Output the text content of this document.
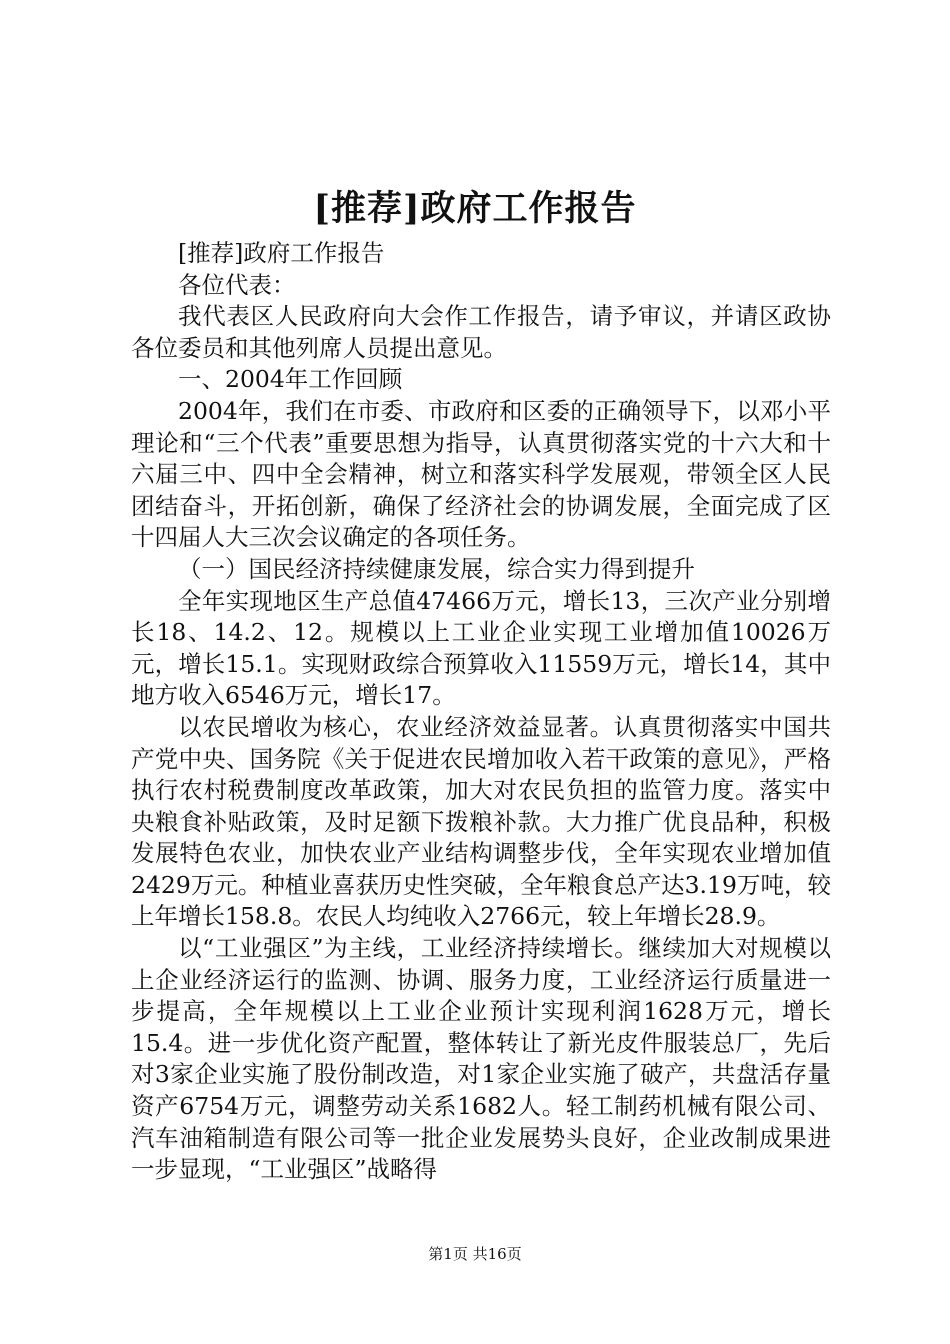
[推荐]政府工作报告

[推荐]政府工作报告

各位代表：

我代表区人民政府向大会作工作报告，请予审议，并请区政协各位委员和其他列席人员提出意见。

一、2004年工作回顾

2004年，我们在市委、市政府和区委的正确领导下，以邓小平理论和“三个代表”重要思想为指导，认真贯彻落实党的十六大和十六届三中、四中全会精神，树立和落实科学发展观，带领全区人民团结奋斗，开拓创新，确保了经济社会的协调发展，全面完成了区十四届人大三次会议确定的各项任务。

（一）国民经济持续健康发展，综合实力得到提升

全年实现地区生产总值47466万元，增长13，三次产业分别增长18、14.2、12。规模以上工业企业实现工业增加值10026万元，增长15.1。实现财政综合预算收入11559万元，增长14，其中地方收入6546万元，增长17。

以农民增收为核心，农业经济效益显著。认真贯彻落实中国共产党中央、国务院《关于促进农民增加收入若干政策的意见》，严格执行农村税费制度改革政策，加大对农民负担的监管力度。落实中央粮食补贴政策，及时足额下拨粮补款。大力推广优良品种，积极发展特色农业，加快农业产业结构调整步伐，全年实现农业增加值2429万元。种植业喜获历史性突破，全年粮食总产达3.19万吨，较上年增长158.8。农民人均纯收入2766元，较上年增长28.9。

以“工业强区”为主线，工业经济持续增长。继续加大对规模以上企业经济运行的监测、协调、服务力度，工业经济运行质量进一步提高，全年规模以上工业企业预计实现利润1628万元，增长15.4。进一步优化资产配置，整体转让了新光皮件服装总厂，先后对3家企业实施了股份制改造，对1家企业实施了破产，共盘活存量资产6754万元，调整劳动关系1682人。轻工制药机械有限公司、汽车油箱制造有限公司等一批企业发展势头良好，企业改制成果进一步显现，“工业强区”战略得

第1页 共16页
